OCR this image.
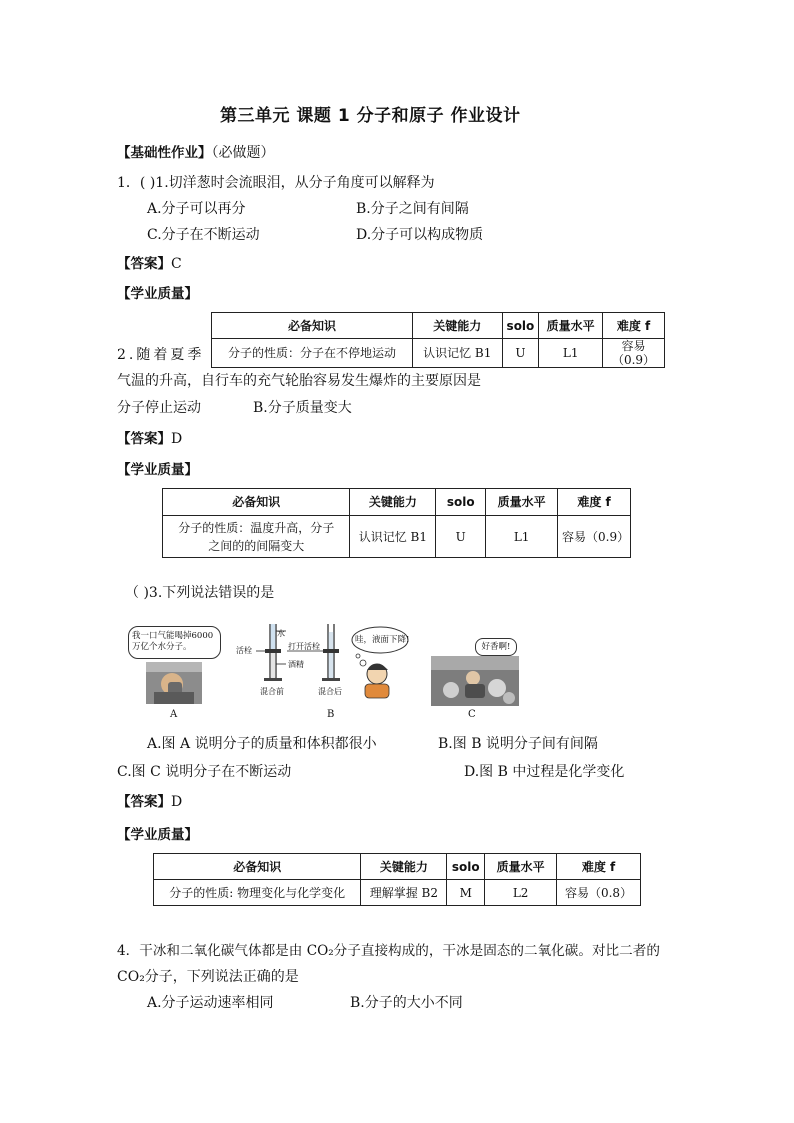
第三单元 课题 1 分子和原子 作业设计
【基础性作业】（必做题）
1．( )1.切洋葱时会流眼泪，从分子角度可以解释为
A.分子可以再分	B.分子之间有间隔
C.分子在不断运动	D.分子可以构成物质
【答案】C
【学业质量】
必备知识	关键能力	solo	质量水平	难度 f
分子的性质：分子在不停地运动	认识记忆 B1	U	L1	容易（0.9）
2.随着夏季
气温的升高，自行车的充气轮胎容易发生爆炸的主要原因是
分子停止运动	B.分子质量变大
【答案】D
【学业质量】
必备知识	关键能力	solo	质量水平	难度 f

分子的性质：温度升高，分子
之间的的间隔变大	认识记忆 B1	U	L1	容易（0.9）
（ )3.下列说法错误的是
我一口气能喝掉6000
万亿个水分子。
A
水
活栓	打开活栓
酒精
混合前	混合后
哇，液面下降!
B
好香啊!
C
A.图 A 说明分子的质量和体积都很小	B.图 B 说明分子间有间隔
C.图 C 说明分子在不断运动	D.图 B 中过程是化学变化
【答案】D
【学业质量】
必备知识	关键能力	solo	质量水平	难度 f
分子的性质: 物理变化与化学变化	理解掌握 B2	M	L2	容易（0.8）
4．干冰和二氧化碳气体都是由 CO₂分子直接构成的，干冰是固态的二氧化碳。对比二者的
CO₂分子，下列说法正确的是
A.分子运动速率相同	B.分子的大小不同
